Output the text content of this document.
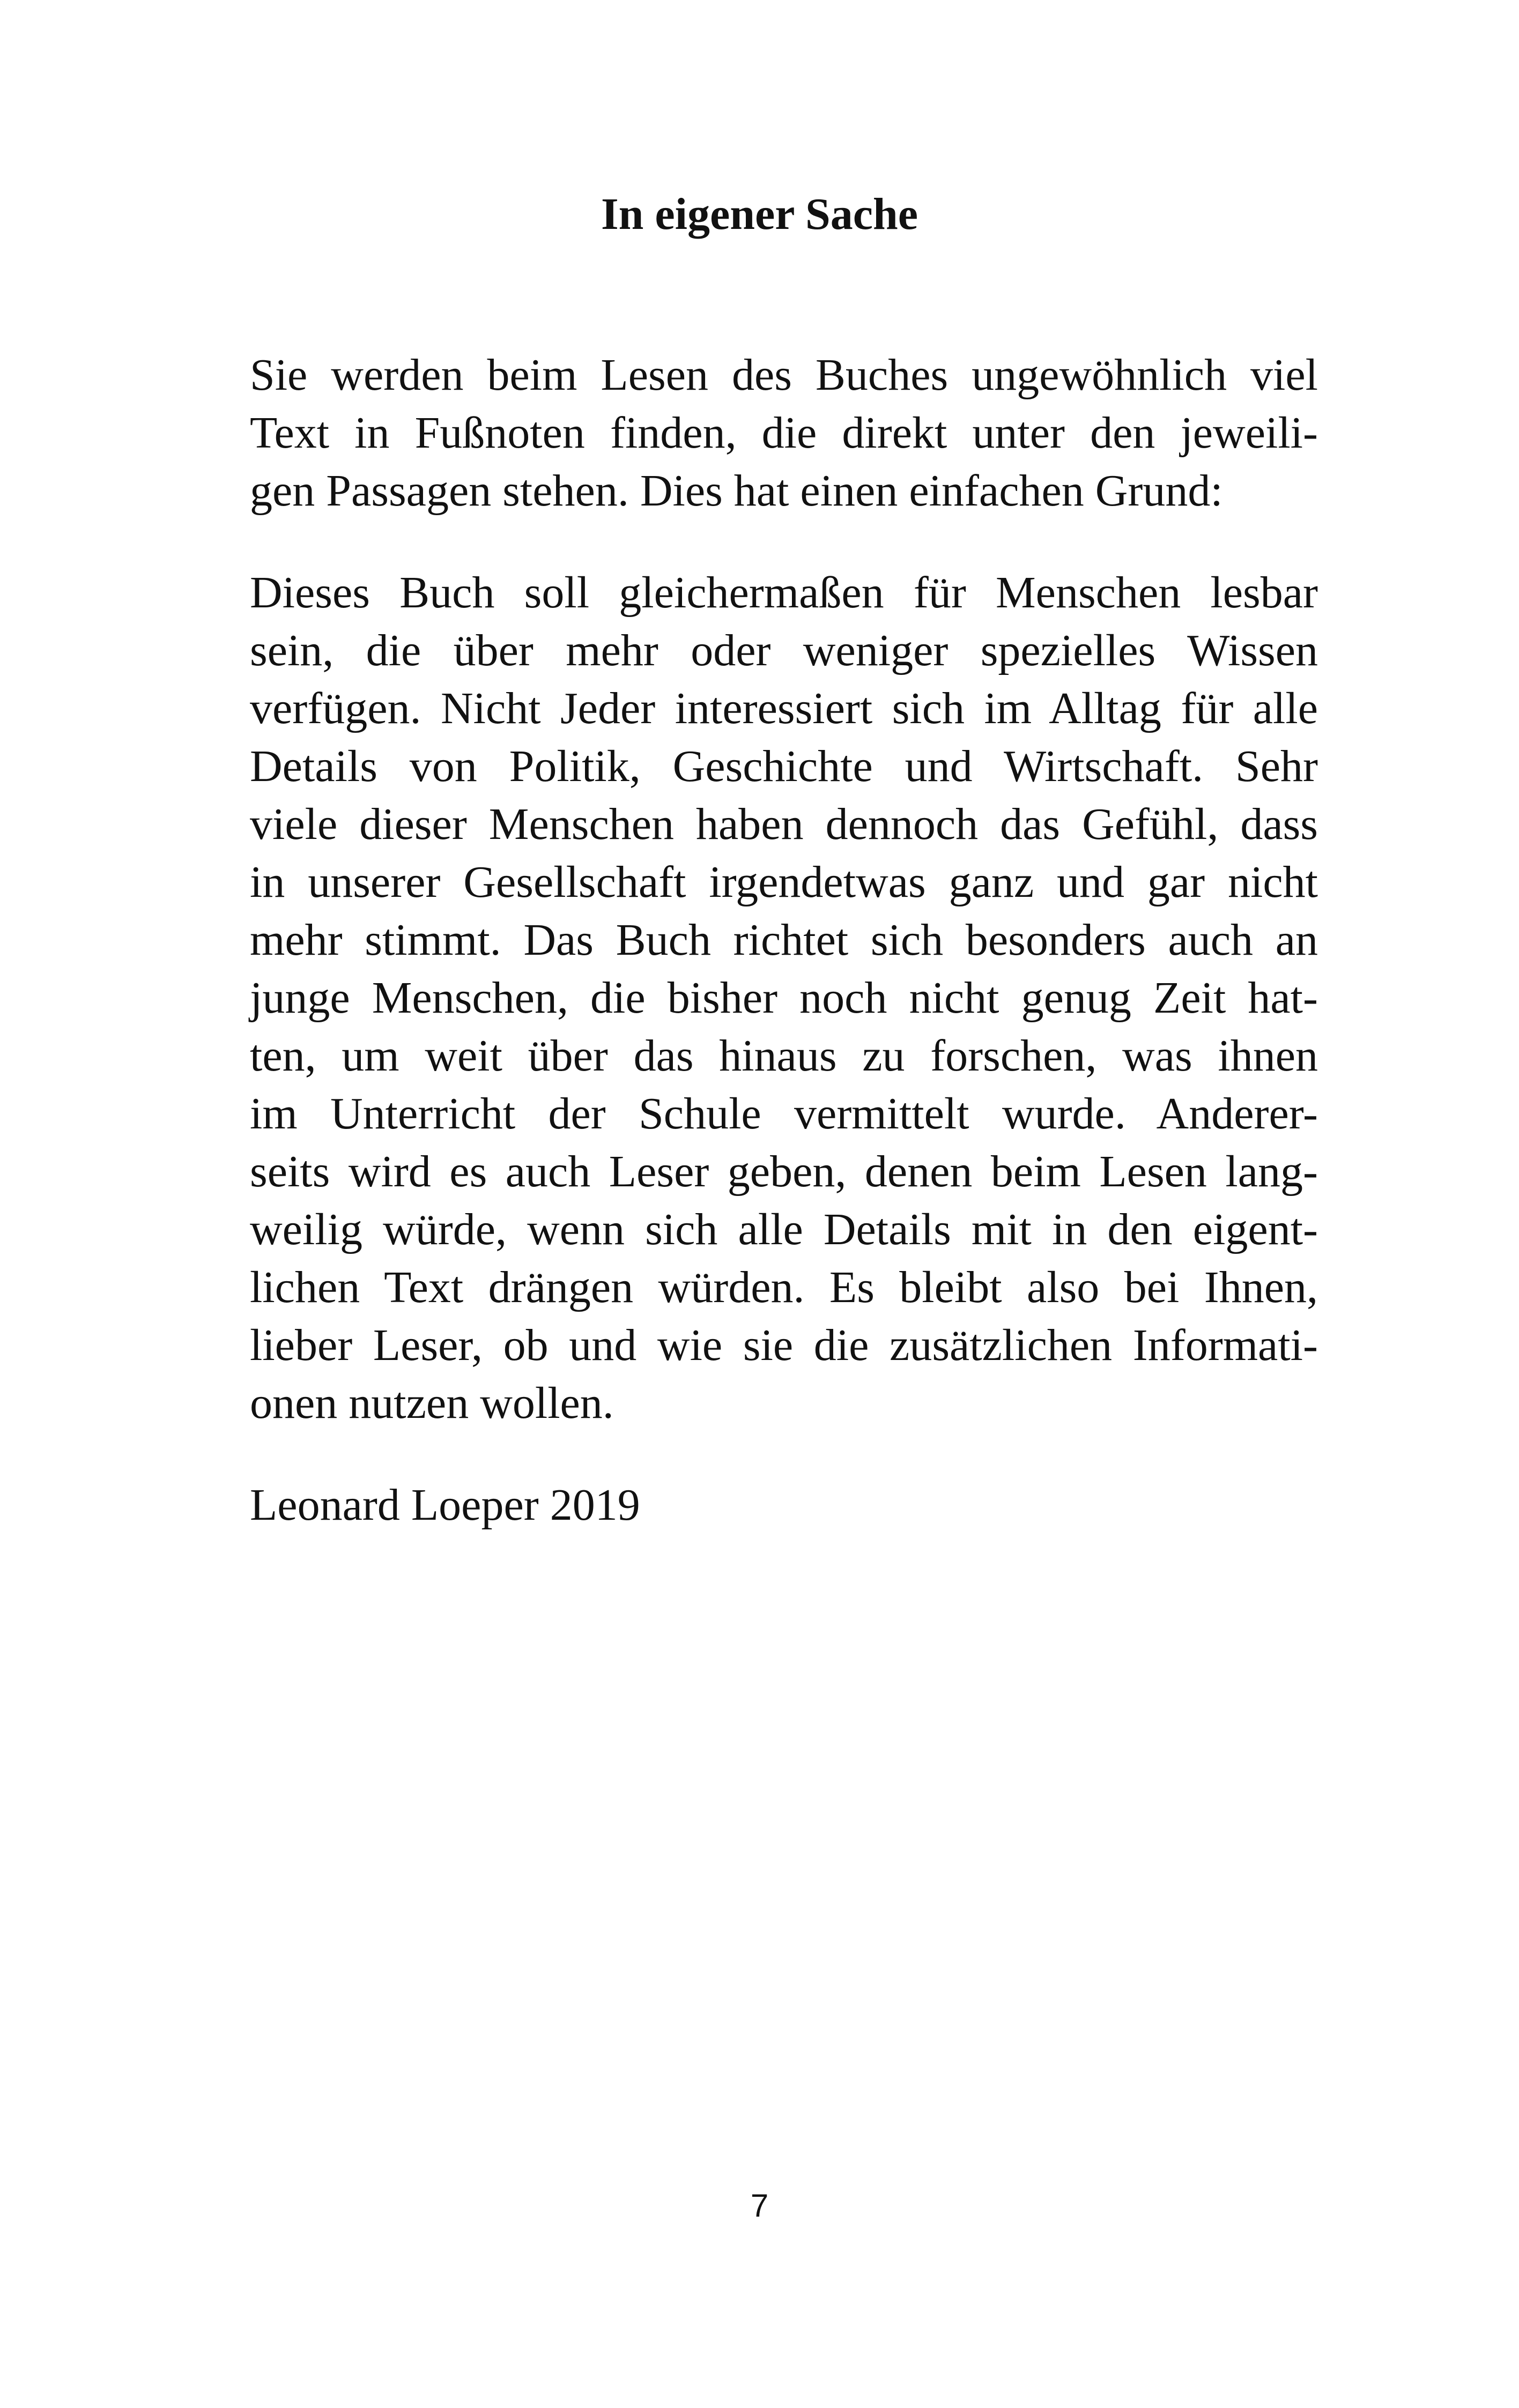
In eigener Sache
Sie werden beim Lesen des Buches ungewöhnlich viel
Text in Fußnoten finden, die direkt unter den jeweili-
gen Passagen stehen. Dies hat einen einfachen Grund:
Dieses Buch soll gleichermaßen für Menschen lesbar
sein, die über mehr oder weniger spezielles Wissen
verfügen. Nicht Jeder interessiert sich im Alltag für alle
Details von Politik, Geschichte und Wirtschaft. Sehr
viele dieser Menschen haben dennoch das Gefühl, dass
in unserer Gesellschaft irgendetwas ganz und gar nicht
mehr stimmt. Das Buch richtet sich besonders auch an
junge Menschen, die bisher noch nicht genug Zeit hat-
ten, um weit über das hinaus zu forschen, was ihnen
im Unterricht der Schule vermittelt wurde. Anderer-
seits wird es auch Leser geben, denen beim Lesen lang-
weilig würde, wenn sich alle Details mit in den eigent-
lichen Text drängen würden. Es bleibt also bei Ihnen,
lieber Leser, ob und wie sie die zusätzlichen Informati-
onen nutzen wollen.
Leonard Loeper 2019
7
